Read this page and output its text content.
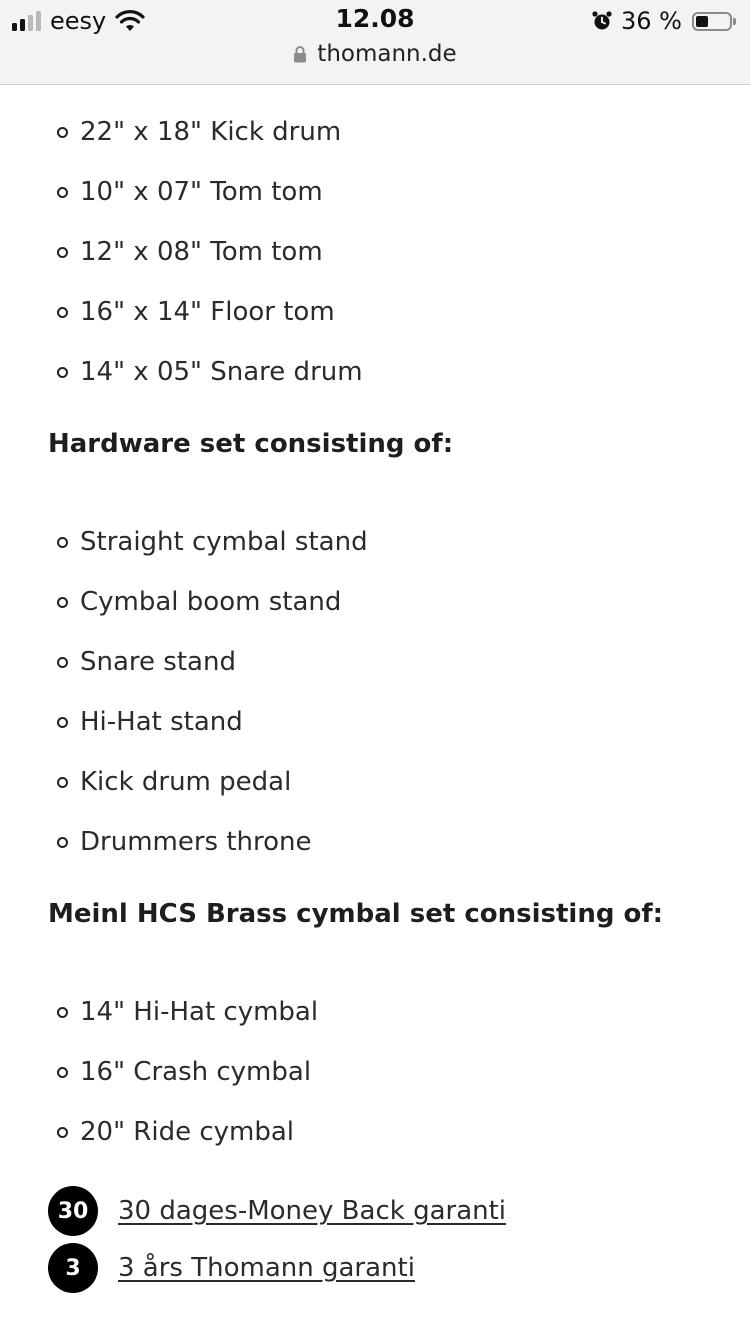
eesy	12.08	36 %
thomann.de
22" x 18" Kick drum
10" x 07" Tom tom
12" x 08" Tom tom
16" x 14" Floor tom
14" x 05" Snare drum
Hardware set consisting of:
Straight cymbal stand
Cymbal boom stand
Snare stand
Hi-Hat stand
Kick drum pedal
Drummers throne
Meinl HCS Brass cymbal set consisting of:
14" Hi-Hat cymbal
16" Crash cymbal
20" Ride cymbal
30	30 dages-Money Back garanti
3	3 års Thomann garanti
